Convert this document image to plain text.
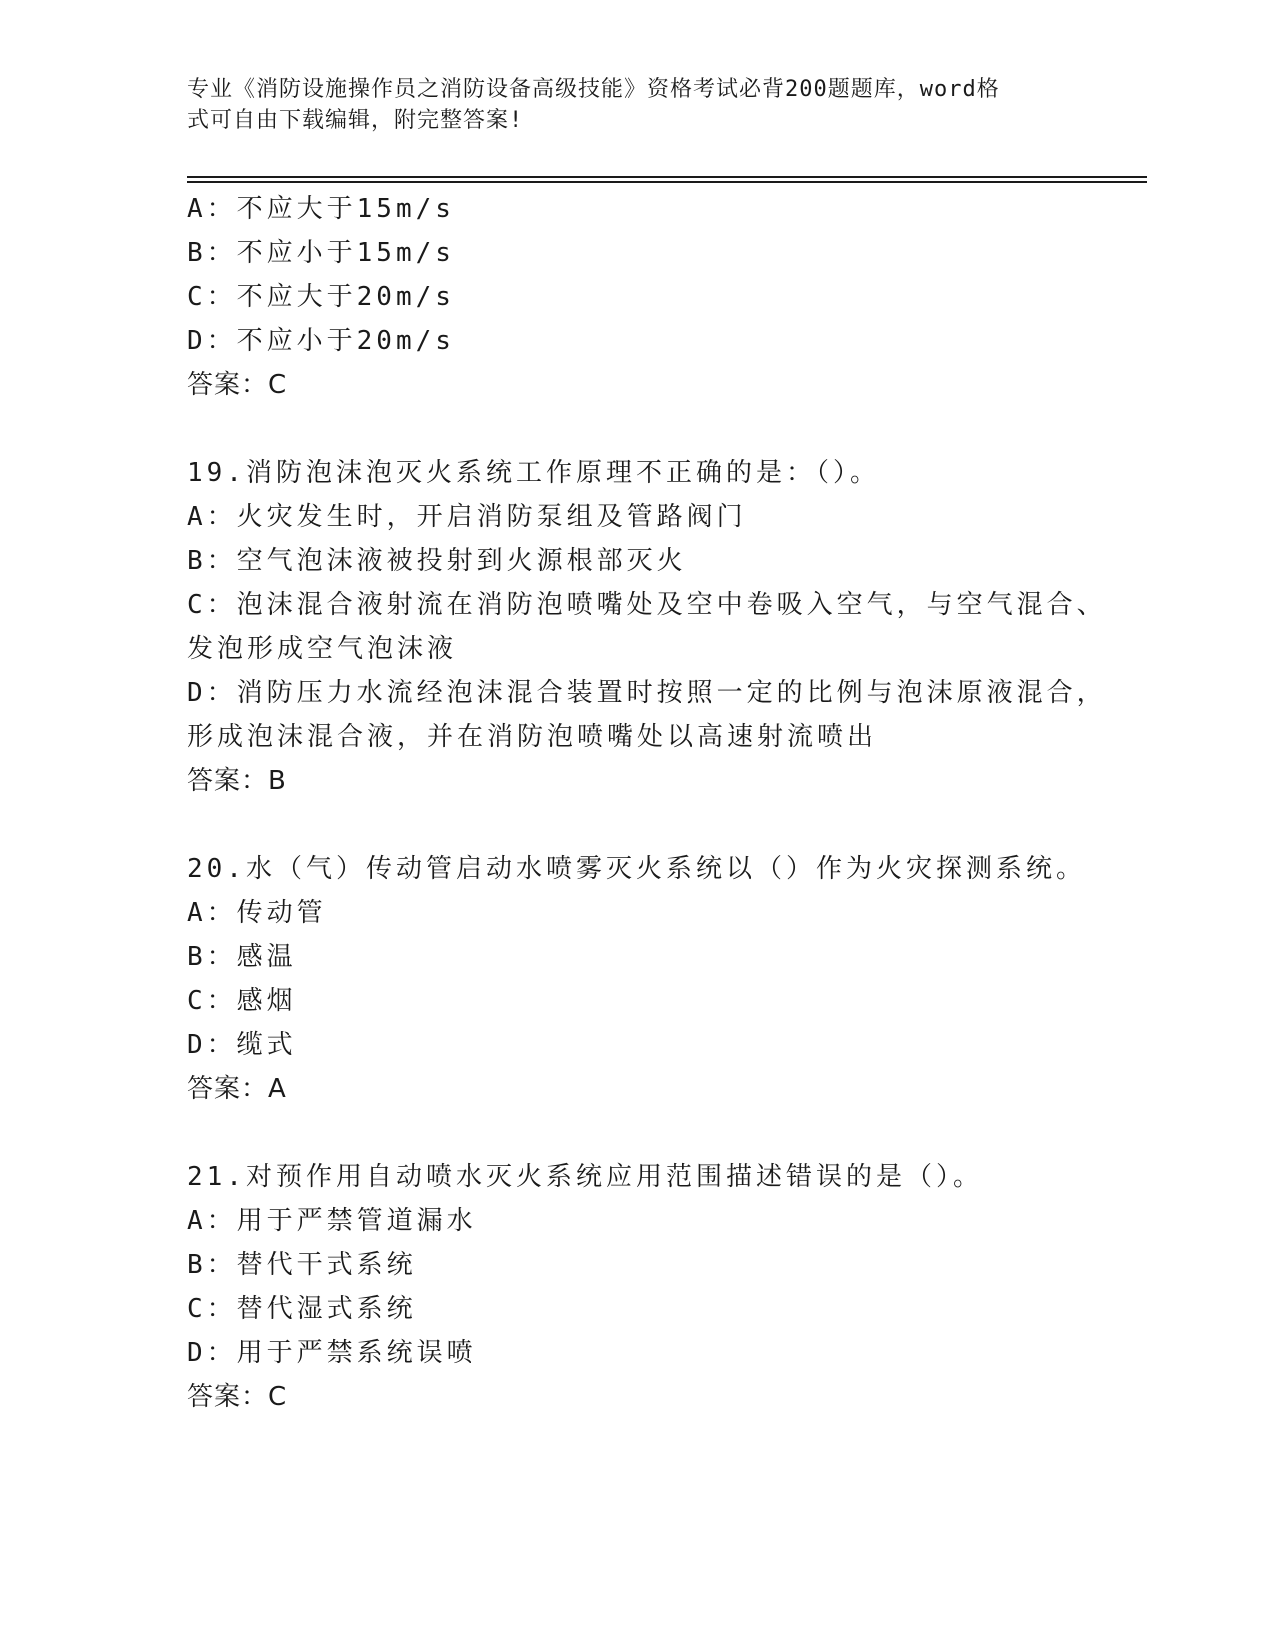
专业《消防设施操作员之消防设备高级技能》资格考试必背200题题库，word格
式可自由下载编辑，附完整答案!
A：不应大于15m/s
B：不应小于15m/s
C：不应大于20m/s
D：不应小于20m/s
答案：C
19.消防泡沫泡灭火系统工作原理不正确的是：（）。
A：火灾发生时，开启消防泵组及管路阀门
B：空气泡沫液被投射到火源根部灭火
C：泡沫混合液射流在消防泡喷嘴处及空中卷吸入空气，与空气混合、
发泡形成空气泡沫液
D：消防压力水流经泡沫混合装置时按照一定的比例与泡沫原液混合，
形成泡沫混合液，并在消防泡喷嘴处以高速射流喷出
答案：B
20.水（气）传动管启动水喷雾灭火系统以（）作为火灾探测系统。
A：传动管
B：感温
C：感烟
D：缆式
答案：A
21.对预作用自动喷水灭火系统应用范围描述错误的是（）。
A：用于严禁管道漏水
B：替代干式系统
C：替代湿式系统
D：用于严禁系统误喷
答案：C
